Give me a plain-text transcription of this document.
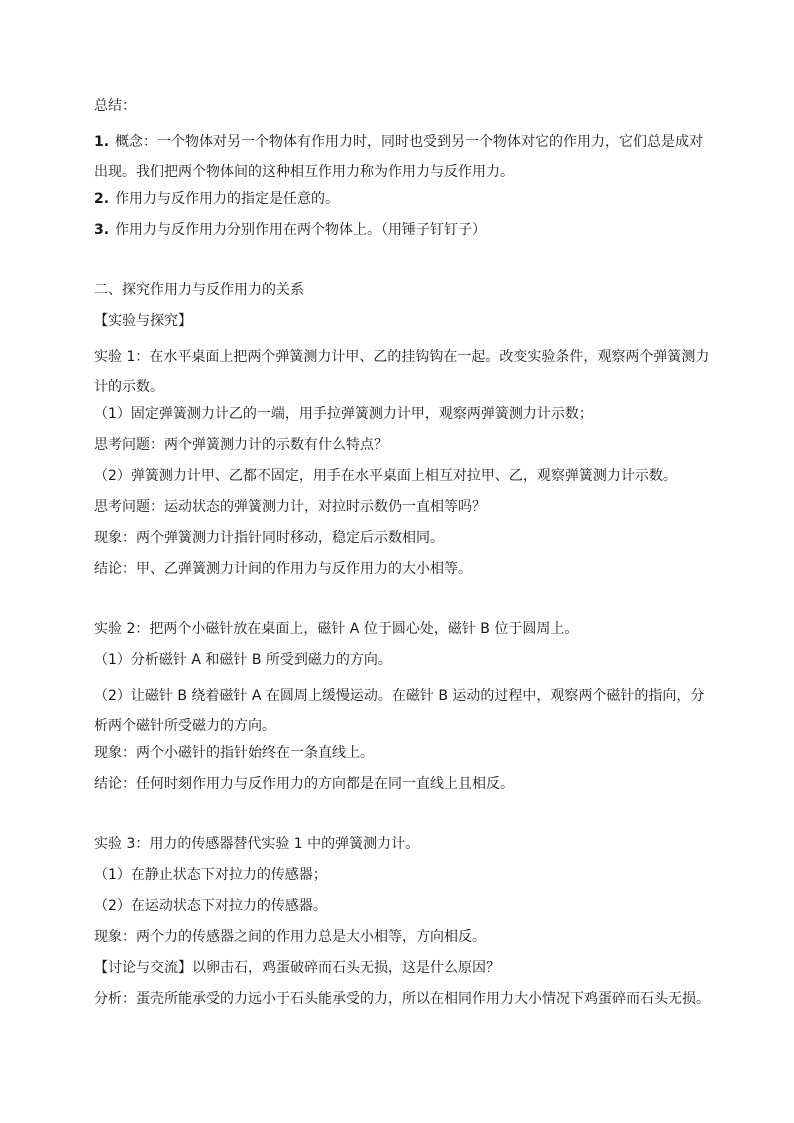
总结：

1. 概念：一个物体对另一个物体有作用力时，同时也受到另一个物体对它的作用力，它们总是成对出现。我们把两个物体间的这种相互作用力称为作用力与反作用力。

2. 作用力与反作用力的指定是任意的。

3. 作用力与反作用力分别作用在两个物体上。（用锤子钉钉子）

二、探究作用力与反作用力的关系

【实验与探究】

实验 1：在水平桌面上把两个弹簧测力计甲、乙的挂钩钩在一起。改变实验条件，观察两个弹簧测力计的示数。

（1）固定弹簧测力计乙的一端，用手拉弹簧测力计甲，观察两弹簧测力计示数；

思考问题：两个弹簧测力计的示数有什么特点？

（2）弹簧测力计甲、乙都不固定，用手在水平桌面上相互对拉甲、乙，观察弹簧测力计示数。

思考问题：运动状态的弹簧测力计，对拉时示数仍一直相等吗？

现象：两个弹簧测力计指针同时移动，稳定后示数相同。

结论：甲、乙弹簧测力计间的作用力与反作用力的大小相等。

实验 2：把两个小磁针放在桌面上，磁针 A 位于圆心处，磁针 B 位于圆周上。

（1）分析磁针 A 和磁针 B 所受到磁力的方向。

（2）让磁针 B 绕着磁针 A 在圆周上缓慢运动。在磁针 B 运动的过程中，观察两个磁针的指向，分析两个磁针所受磁力的方向。

现象：两个小磁针的指针始终在一条直线上。

结论：任何时刻作用力与反作用力的方向都是在同一直线上且相反。

实验 3：用力的传感器替代实验 1 中的弹簧测力计。

（1）在静止状态下对拉力的传感器；

（2）在运动状态下对拉力的传感器。

现象：两个力的传感器之间的作用力总是大小相等，方向相反。

【讨论与交流】以卵击石，鸡蛋破碎而石头无损，这是什么原因？

分析：蛋壳所能承受的力远小于石头能承受的力，所以在相同作用力大小情况下鸡蛋碎而石头无损。
